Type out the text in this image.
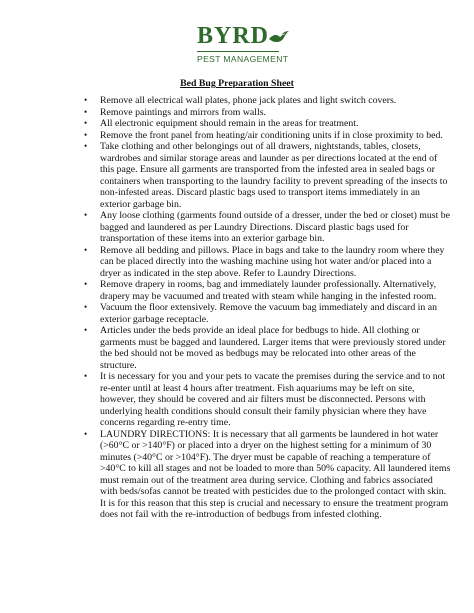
BYRD
PEST MANAGEMENT
Bed Bug Preparation Sheet
• Remove all electrical wall plates, phone jack plates and light switch covers.
• Remove paintings and mirrors from walls.
• All electronic equipment should remain in the areas for treatment.
• Remove the front panel from heating/air conditioning units if in close proximity to bed.
• Take clothing and other belongings out of all drawers, nightstands, tables, closets, wardrobes and similar storage areas and launder as per directions located at the end of this page. Ensure all garments are transported from the infested area in sealed bags or containers when transporting to the laundry facility to prevent spreading of the insects to non-infested areas. Discard plastic bags used to transport items immediately in an exterior garbage bin.
• Any loose clothing (garments found outside of a dresser, under the bed or closet) must be bagged and laundered as per Laundry Directions. Discard plastic bags used for transportation of these items into an exterior garbage bin.
• Remove all bedding and pillows. Place in bags and take to the laundry room where they can be placed directly into the washing machine using hot water and/or placed into a dryer as indicated in the step above. Refer to Laundry Directions.
• Remove drapery in rooms, bag and immediately launder professionally. Alternatively, drapery may be vacuumed and treated with steam while hanging in the infested room.
• Vacuum the floor extensively. Remove the vacuum bag immediately and discard in an exterior garbage receptacle.
• Articles under the beds provide an ideal place for bedbugs to hide. All clothing or garments must be bagged and laundered. Larger items that were previously stored under the bed should not be moved as bedbugs may be relocated into other areas of the structure.
• It is necessary for you and your pets to vacate the premises during the service and to not re-enter until at least 4 hours after treatment. Fish aquariums may be left on site, however, they should be covered and air filters must be disconnected. Persons with underlying health conditions should consult their family physician where they have concerns regarding re-entry time.
• LAUNDRY DIRECTIONS: It is necessary that all garments be laundered in hot water (>60°C or >140°F) or placed into a dryer on the highest setting for a minimum of 30 minutes (>40°C or >104°F). The dryer must be capable of reaching a temperature of >40°C to kill all stages and not be loaded to more than 50% capacity. All laundered items must remain out of the treatment area during service. Clothing and fabrics associated with beds/sofas cannot be treated with pesticides due to the prolonged contact with skin. It is for this reason that this step is crucial and necessary to ensure the treatment program does not fail with the re-introduction of bedbugs from infested clothing.
